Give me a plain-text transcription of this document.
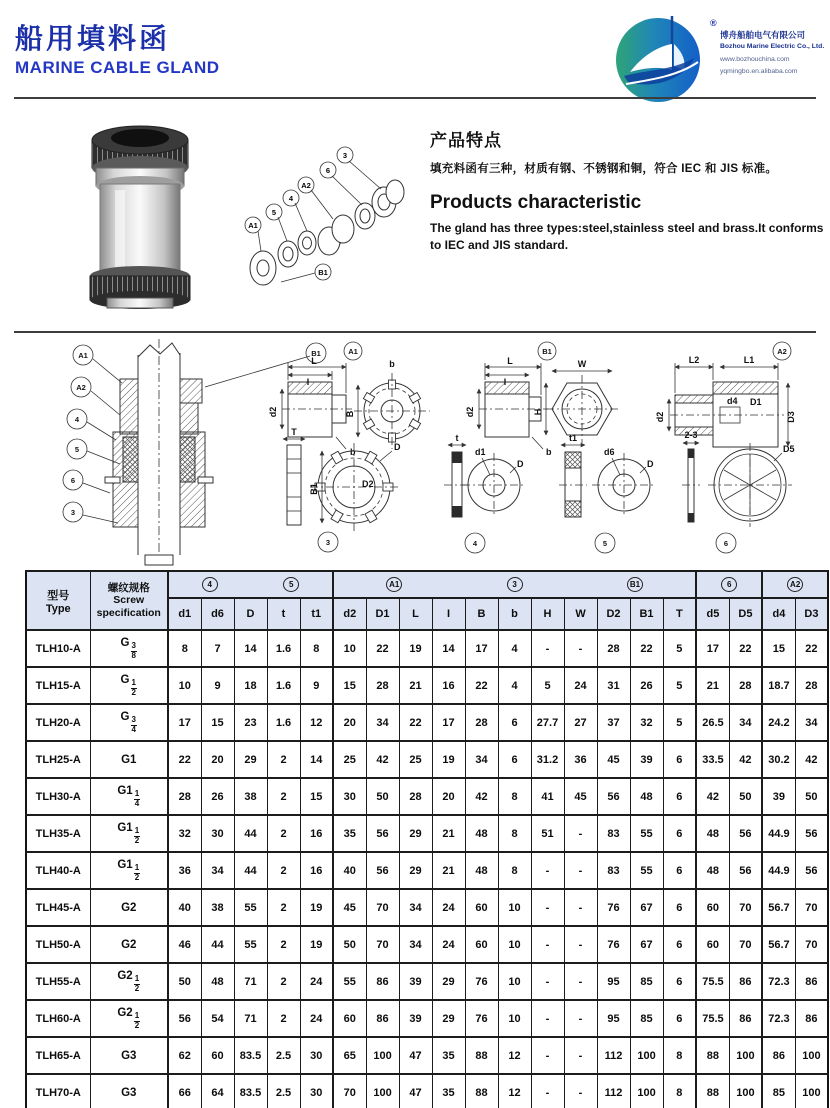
船用填料函
MARINE CABLE GLAND
®
博舟船舶电气有限公司
Bozhou Marine Electric Co., Ltd.
www.bozhouchina.com
yqmingbo.en.alibaba.com
3
6
A2
4
5
A1
B1
产品特点
填充料函有三种，材质有钢、不锈钢和铜，符合 IEC 和 JIS 标准。
Products characteristic
The gland has three types:steel,stainless steel and brass.It conforms to IEC and JIS standard.
A1
A2
4
5
6
3
B1	A1
L
I
d2
b
b
B
T
D2
B1
D
3
B1
L
I
d2
b
W
H
A2
L2	L1
d2
d4 D1
D3
t
d1
D
4
t1
d6
D
5
2-3
D5
6
型号
Type

螺纹规格
Screw
specification

4	5	A1	3	B1	6	A2

		d1	d6	D	t	t1	d2	D1	L	I	B	b	H	W	D2	B1	T	d5	D5	d4	D3
TLH10-A	G $\frac{3}{8}$	8	7	14	1.6	8	10	22	19	14	17	4	-	-	28	22	5	17	22	15	22
TLH15-A	G $\frac{1}{2}$	10	9	18	1.6	9	15	28	21	16	22	4	5	24	31	26	5	21	28	18.7	28
TLH20-A	G $\frac{3}{4}$	17	15	23	1.6	12	20	34	22	17	28	6	27.7	27	37	32	5	26.5	34	24.2	34
TLH25-A	G1	22	20	29	2	14	25	42	25	19	34	6	31.2	36	45	39	6	33.5	42	30.2	42
TLH30-A	$G1 \frac{1}{4}$	28	26	38	2	15	30	50	28	20	42	8	41	45	56	48	6	42	50	39	50
TLH35-A	$G1 \frac{1}{2}$	32	30	44	2	16	35	56	29	21	48	8	51	-	83	55	6	48	56	44.9	56
TLH40-A	$G1 \frac{1}{2}$	36	34	44	2	16	40	56	29	21	48	8	-	-	83	55	6	48	56	44.9	56
TLH45-A	G2	40	38	55	2	19	45	70	34	24	60	10	-	-	76	67	6	60	70	56.7	70
TLH50-A	G2	46	44	55	2	19	50	70	34	24	60	10	-	-	76	67	6	60	70	56.7	70
TLH55-A	$G2 \frac{1}{2}$	50	48	71	2	24	55	86	39	29	76	10	-	-	95	85	6	75.5	86	72.3	86
TLH60-A	$G2 \frac{1}{2}$	56	54	71	2	24	60	86	39	29	76	10	-	-	95	85	6	75.5	86	72.3	86
TLH65-A	G3	62	60	83.5	2.5	30	65	100	47	35	88	12	-	-	112	100	8	88	100	86	100
TLH70-A	G3	66	64	83.5	2.5	30	70	100	47	35	88	12	-	-	112	100	8	88	100	85	100
